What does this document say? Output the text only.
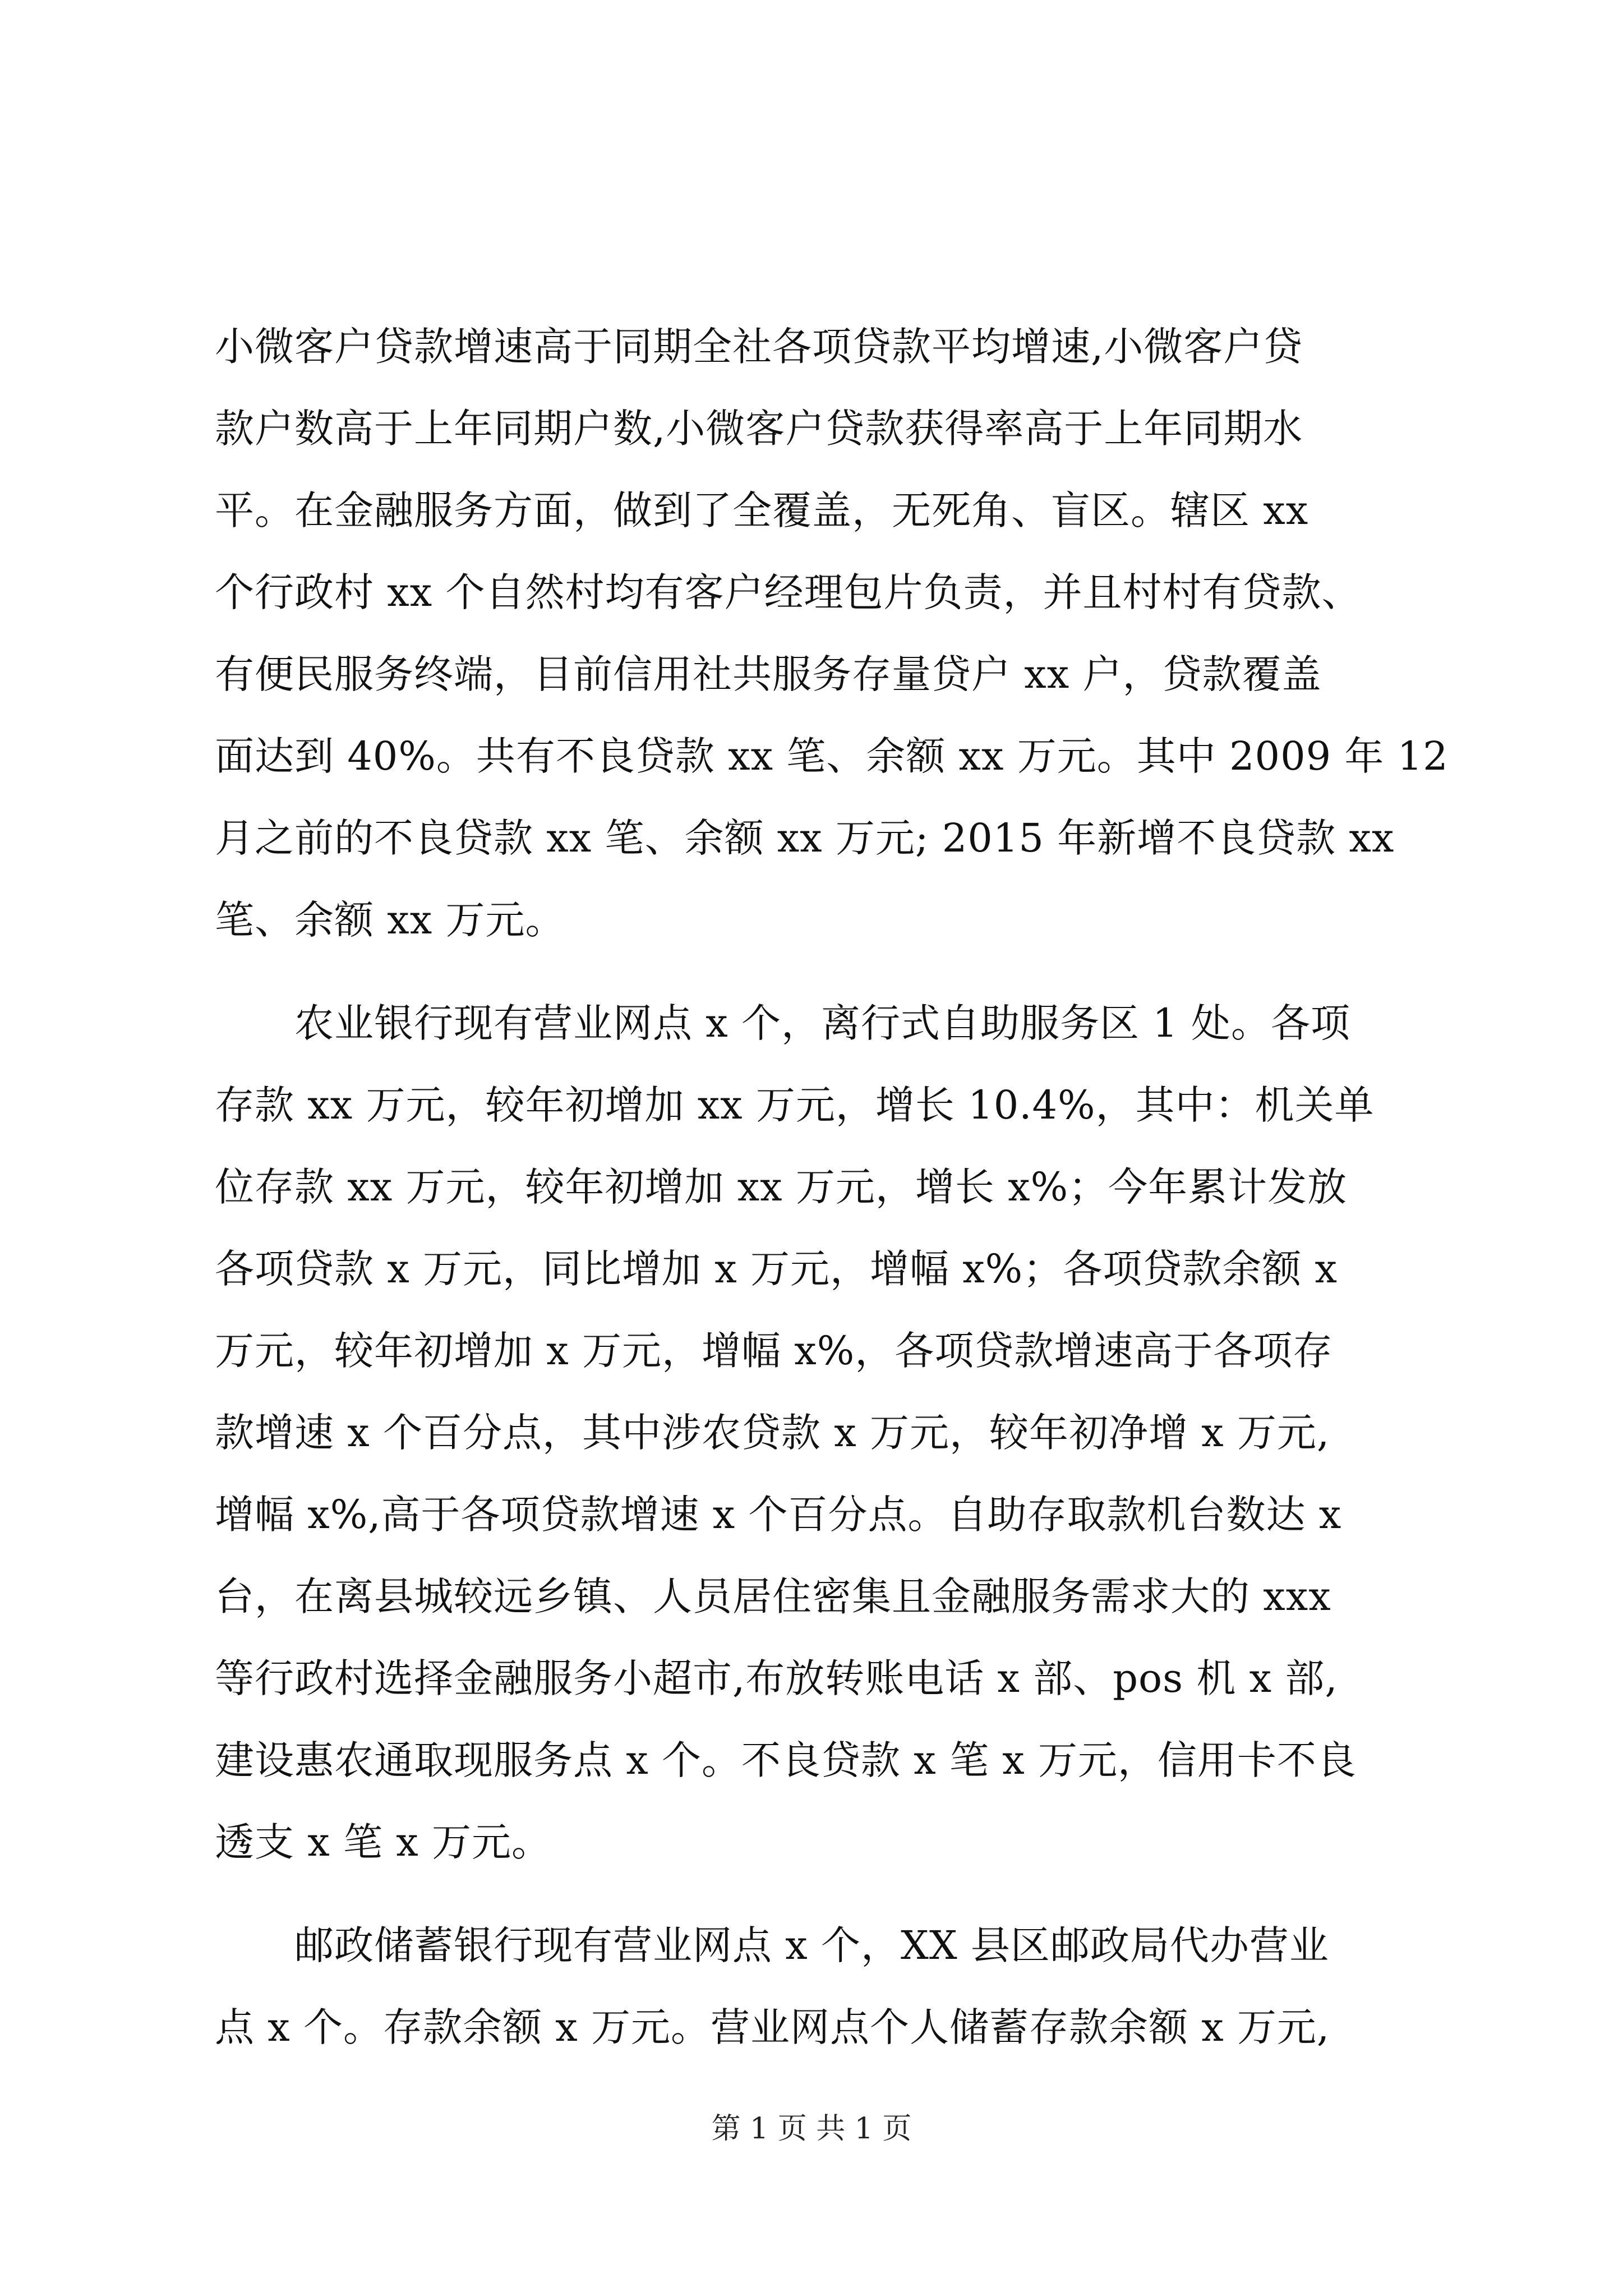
小微客户贷款增速高于同期全社各项贷款平均增速,小微客户贷
款户数高于上年同期户数,小微客户贷款获得率高于上年同期水
平。在金融服务方面，做到了全覆盖，无死角、盲区。辖区 xx
个行政村 xx 个自然村均有客户经理包片负责，并且村村有贷款、
有便民服务终端，目前信用社共服务存量贷户 xx 户，贷款覆盖
面达到 40%。共有不良贷款 xx 笔、余额 xx 万元。其中 2009 年 12
月之前的不良贷款 xx 笔、余额 xx 万元; 2015 年新增不良贷款 xx
笔、余额 xx 万元。
　　农业银行现有营业网点 x 个，离行式自助服务区 1 处。各项
存款 xx 万元，较年初增加 xx 万元，增长 10.4%，其中：机关单
位存款 xx 万元，较年初增加 xx 万元，增长 x%；今年累计发放
各项贷款 x 万元，同比增加 x 万元，增幅 x%；各项贷款余额 x
万元，较年初增加 x 万元，增幅 x%，各项贷款增速高于各项存
款增速 x 个百分点，其中涉农贷款 x 万元，较年初净增 x 万元,
增幅 x%,高于各项贷款增速 x 个百分点。自助存取款机台数达 x
台，在离县城较远乡镇、人员居住密集且金融服务需求大的 xxx
等行政村选择金融服务小超市,布放转账电话 x 部、pos 机 x 部,
建设惠农通取现服务点 x 个。不良贷款 x 笔 x 万元，信用卡不良
透支 x 笔 x 万元。
　　邮政储蓄银行现有营业网点 x 个，XX 县区邮政局代办营业
点 x 个。存款余额 x 万元。营业网点个人储蓄存款余额 x 万元,
第 1 页 共 1 页
